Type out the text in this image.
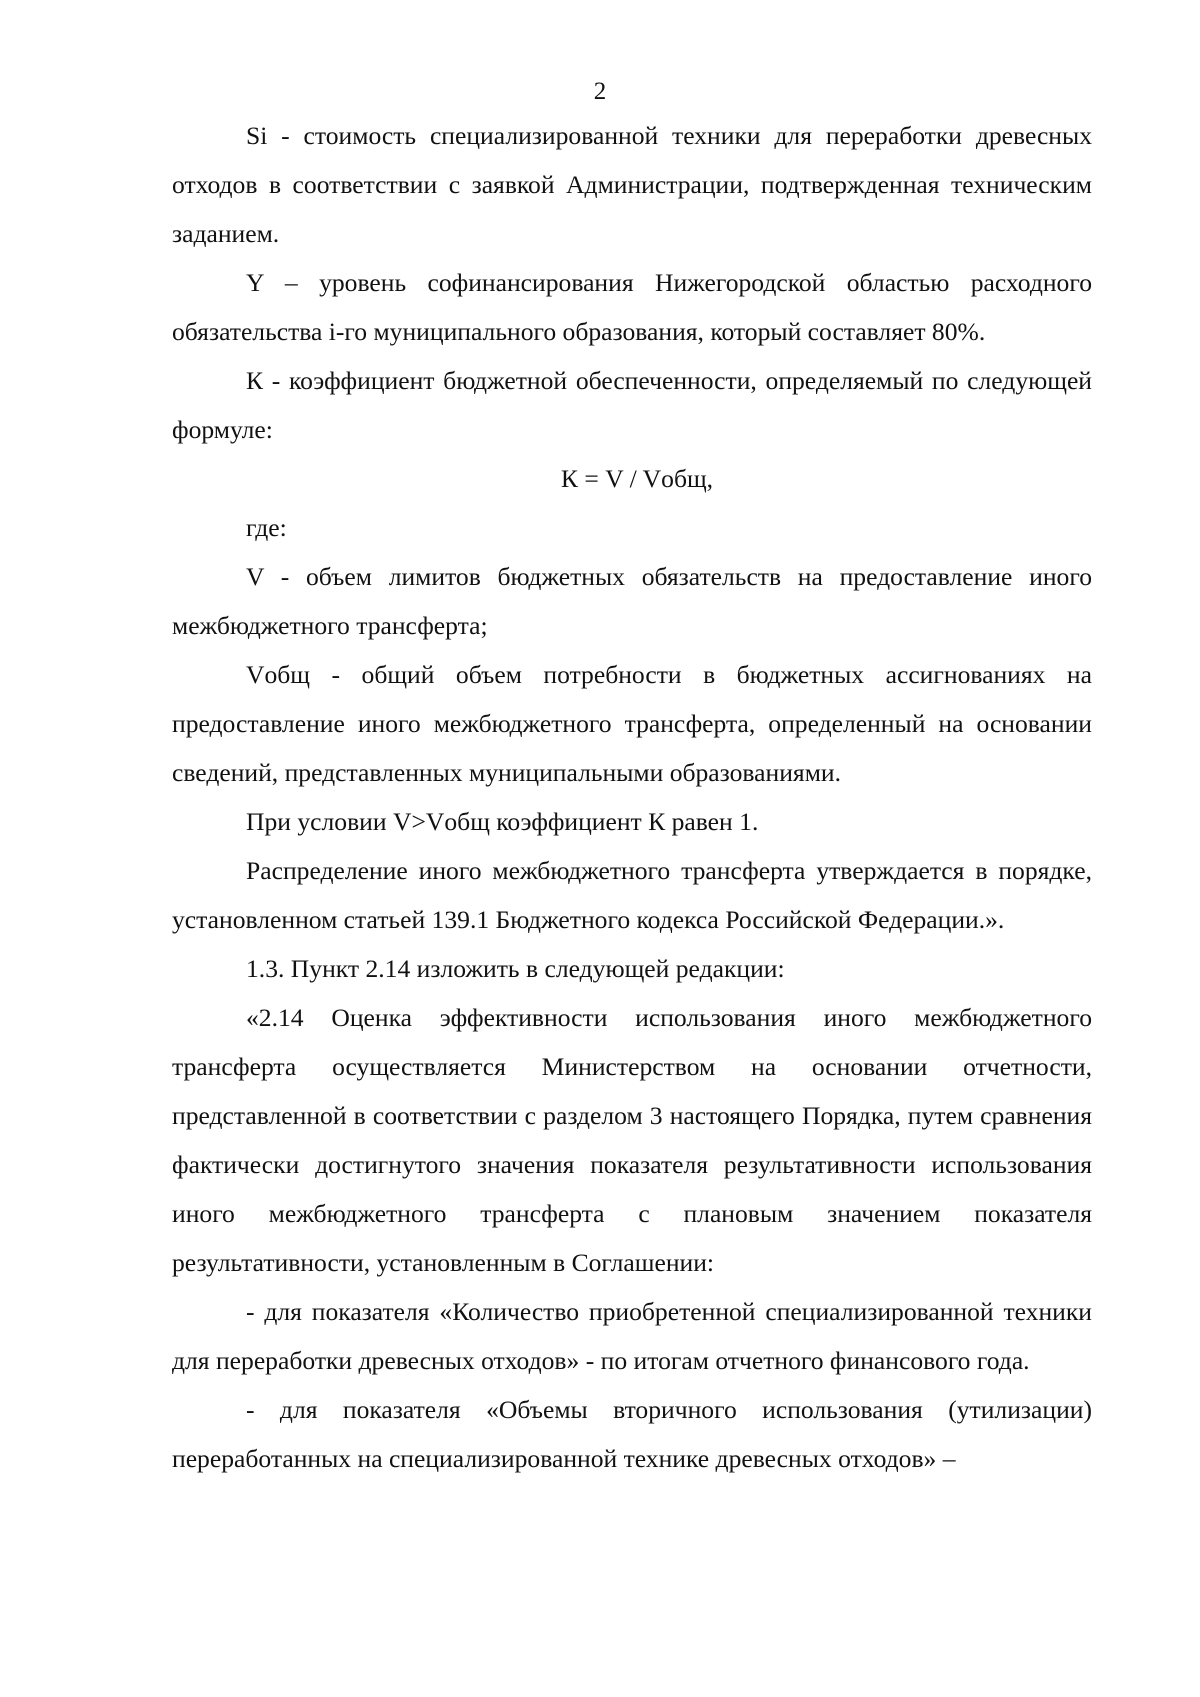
2

Si - стоимость специализированной техники для переработки древесных отходов в соответствии с заявкой Администрации, подтвержденная техническим заданием.

Y – уровень софинансирования Нижегородской областью расходного обязательства i-го муниципального образования, который составляет 80%.

К - коэффициент бюджетной обеспеченности, определяемый по следующей формуле:

К = V / Vобщ,

где:

V - объем лимитов бюджетных обязательств на предоставление иного межбюджетного трансферта;

Vобщ - общий объем потребности в бюджетных ассигнованиях на предоставление иного межбюджетного трансферта, определенный на основании сведений, представленных муниципальными образованиями.

При условии V>Vобщ коэффициент К равен 1.

Распределение иного межбюджетного трансферта утверждается в порядке, установленном статьей 139.1 Бюджетного кодекса Российской Федерации.».

1.3. Пункт 2.14 изложить в следующей редакции:

«2.14 Оценка эффективности использования иного межбюджетного трансферта осуществляется Министерством на основании отчетности, представленной в соответствии с разделом 3 настоящего Порядка, путем сравнения фактически достигнутого значения показателя результативности использования иного межбюджетного трансферта с плановым значением показателя результативности, установленным в Соглашении:

- для показателя «Количество приобретенной специализированной техники для переработки древесных отходов» - по итогам отчетного финансового года.

- для показателя «Объемы вторичного использования (утилизации) переработанных на специализированной технике древесных отходов» –
